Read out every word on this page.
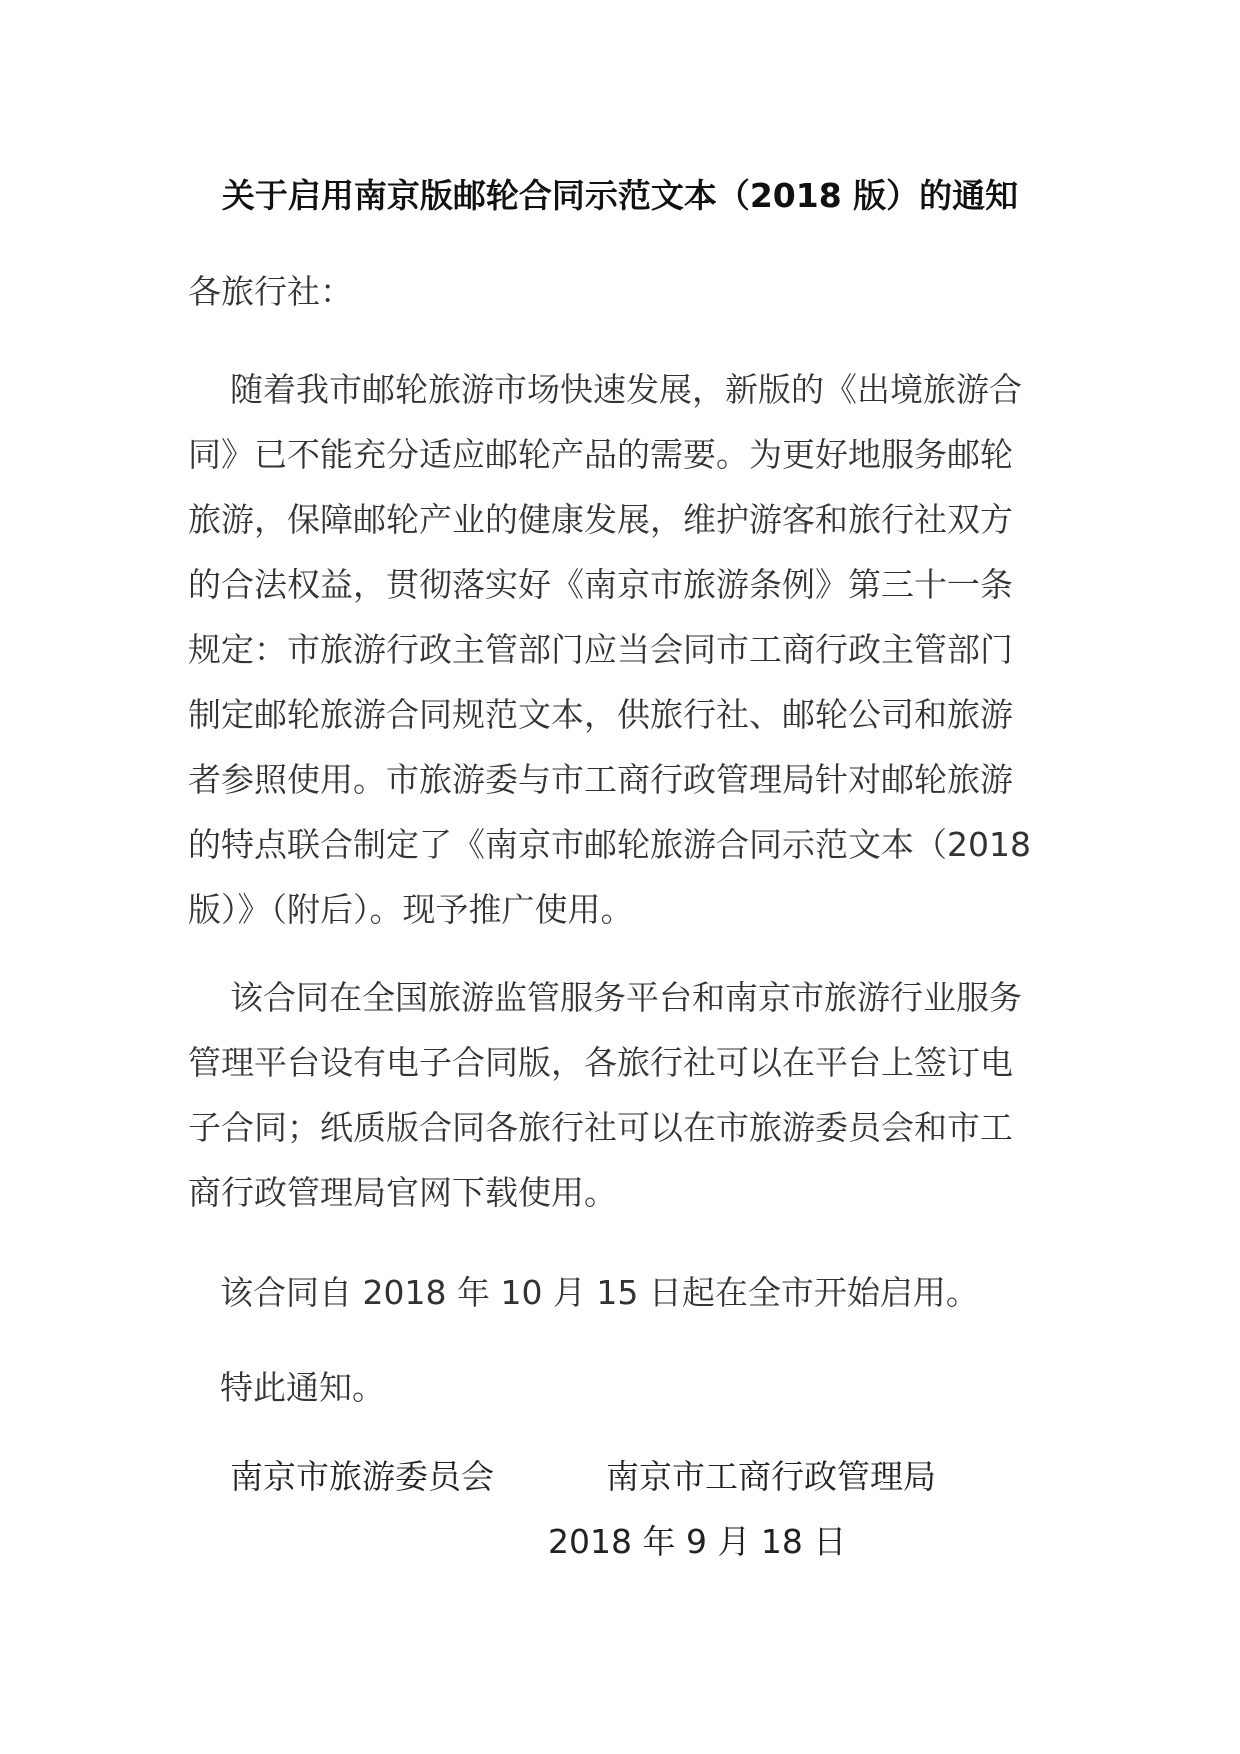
关于启用南京版邮轮合同示范文本（2018 版）的通知
各旅行社：
随着我市邮轮旅游市场快速发展，新版的《出境旅游合
同》已不能充分适应邮轮产品的需要。为更好地服务邮轮
旅游，保障邮轮产业的健康发展，维护游客和旅行社双方
的合法权益，贯彻落实好《南京市旅游条例》第三十一条
规定：市旅游行政主管部门应当会同市工商行政主管部门
制定邮轮旅游合同规范文本，供旅行社、邮轮公司和旅游
者参照使用。市旅游委与市工商行政管理局针对邮轮旅游
的特点联合制定了《南京市邮轮旅游合同示范文本（2018
版）》（附后）。现予推广使用。
该合同在全国旅游监管服务平台和南京市旅游行业服务
管理平台设有电子合同版，各旅行社可以在平台上签订电
子合同；纸质版合同各旅行社可以在市旅游委员会和市工
商行政管理局官网下载使用。
该合同自 2018 年 10 月 15 日起在全市开始启用。
特此通知。
南京市旅游委员会	南京市工商行政管理局
2018 年 9 月 18 日
